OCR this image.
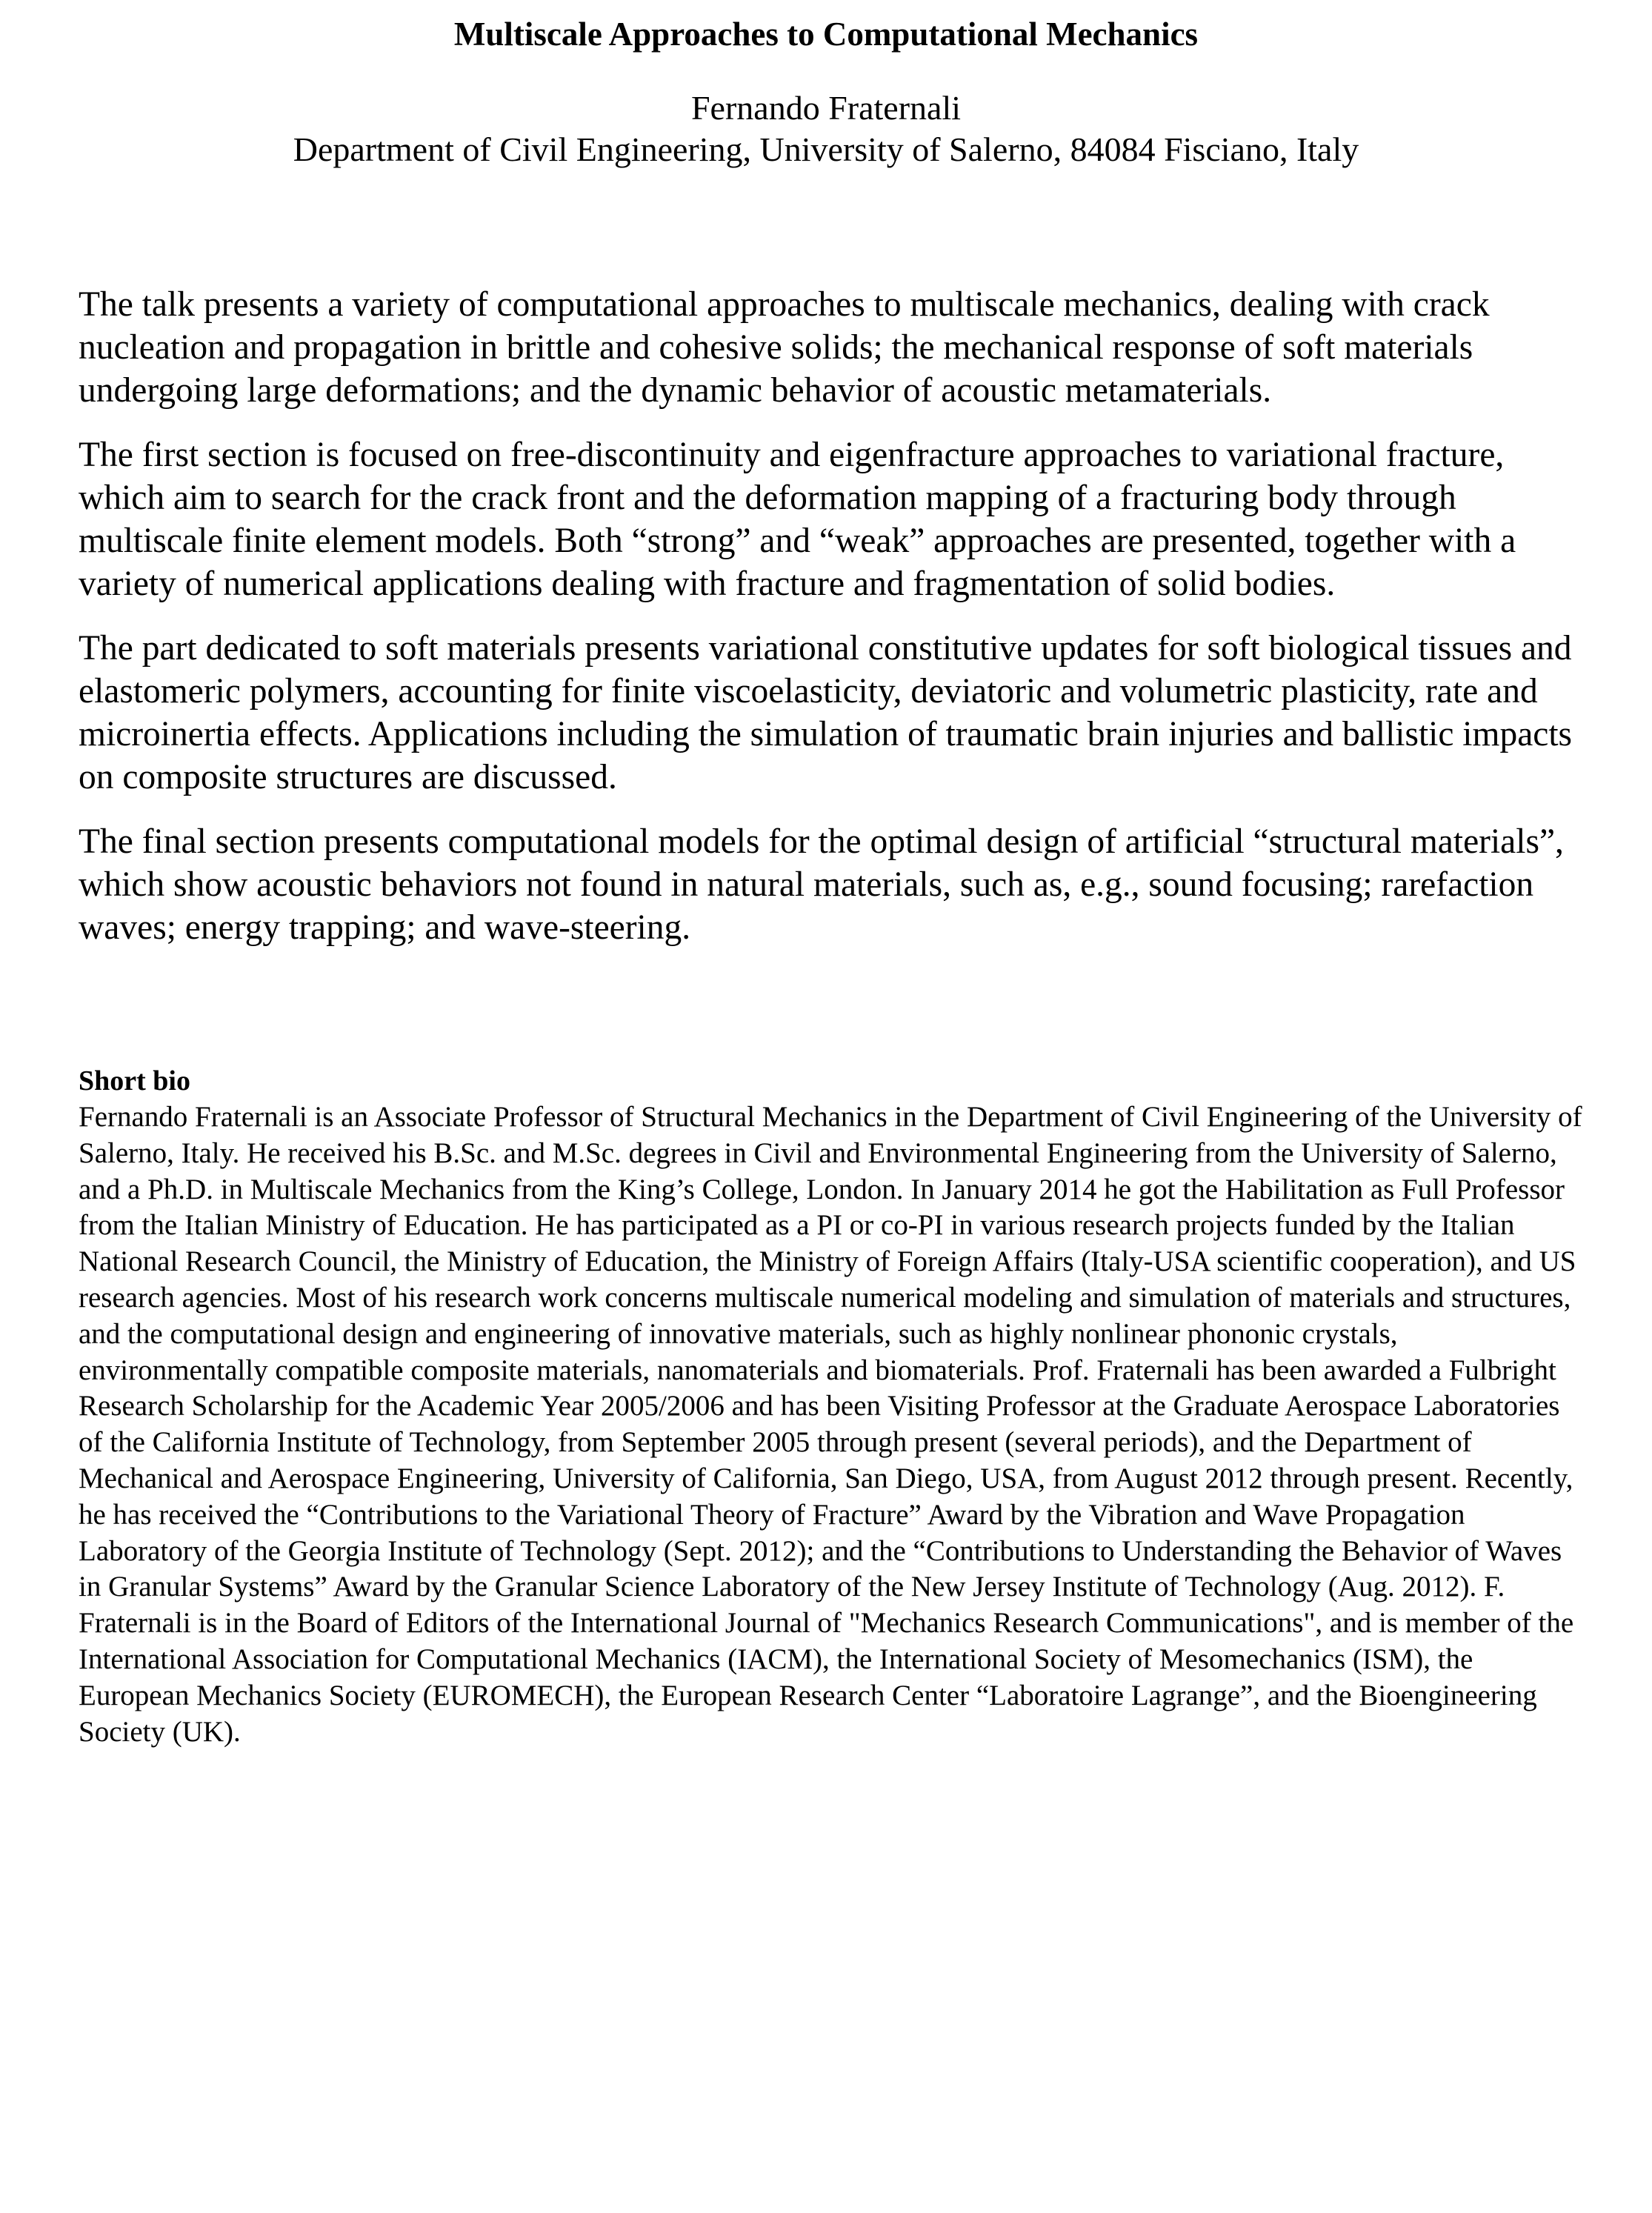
Multiscale Approaches to Computational Mechanics
Fernando Fraternali
Department of Civil Engineering, University of Salerno, 84084 Fisciano, Italy

The talk presents a variety of computational approaches to multiscale mechanics, dealing with crack nucleation and propagation in brittle and cohesive solids; the mechanical response of soft materials undergoing large deformations; and the dynamic behavior of acoustic metamaterials.

The first section is focused on free-discontinuity and eigenfracture approaches to variational fracture, which aim to search for the crack front and the deformation mapping of a fracturing body through multiscale finite element models. Both “strong” and “weak” approaches are presented, together with a variety of numerical applications dealing with fracture and fragmentation of solid bodies.

The part dedicated to soft materials presents variational constitutive updates for soft biological tissues and elastomeric polymers, accounting for finite viscoelasticity, deviatoric and volumetric plasticity, rate and microinertia effects. Applications including the simulation of traumatic brain injuries and ballistic impacts on composite structures are discussed.

The final section presents computational models for the optimal design of artificial “structural materials”, which show acoustic behaviors not found in natural materials, such as, e.g., sound focusing; rarefaction waves; energy trapping; and wave-steering.

Short bio

Fernando Fraternali is an Associate Professor of Structural Mechanics in the Department of Civil Engineering of the University of Salerno, Italy. He received his B.Sc. and M.Sc. degrees in Civil and Environmental Engineering from the University of Salerno, and a Ph.D. in Multiscale Mechanics from the King’s College, London. In January 2014 he got the Habilitation as Full Professor from the Italian Ministry of Education. He has participated as a PI or co-PI in various research projects funded by the Italian National Research Council, the Ministry of Education, the Ministry of Foreign Affairs (Italy-USA scientific cooperation), and US research agencies. Most of his research work concerns multiscale numerical modeling and simulation of materials and structures, and the computational design and engineering of innovative materials, such as highly nonlinear phononic crystals, environmentally compatible composite materials, nanomaterials and biomaterials. Prof. Fraternali has been awarded a Fulbright Research Scholarship for the Academic Year 2005/2006 and has been Visiting Professor at the Graduate Aerospace Laboratories of the California Institute of Technology, from September 2005 through present (several periods), and the Department of Mechanical and Aerospace Engineering, University of California, San Diego, USA, from August 2012 through present. Recently, he has received the “Contributions to the Variational Theory of Fracture” Award by the Vibration and Wave Propagation Laboratory of the Georgia Institute of Technology (Sept. 2012); and the “Contributions to Understanding the Behavior of Waves in Granular Systems” Award by the Granular Science Laboratory of the New Jersey Institute of Technology (Aug. 2012). F. Fraternali is in the Board of Editors of the International Journal of "Mechanics Research Communications", and is member of the International Association for Computational Mechanics (IACM), the International Society of Mesomechanics (ISM), the European Mechanics Society (EUROMECH), the European Research Center “Laboratoire Lagrange”, and the Bioengineering Society (UK).
